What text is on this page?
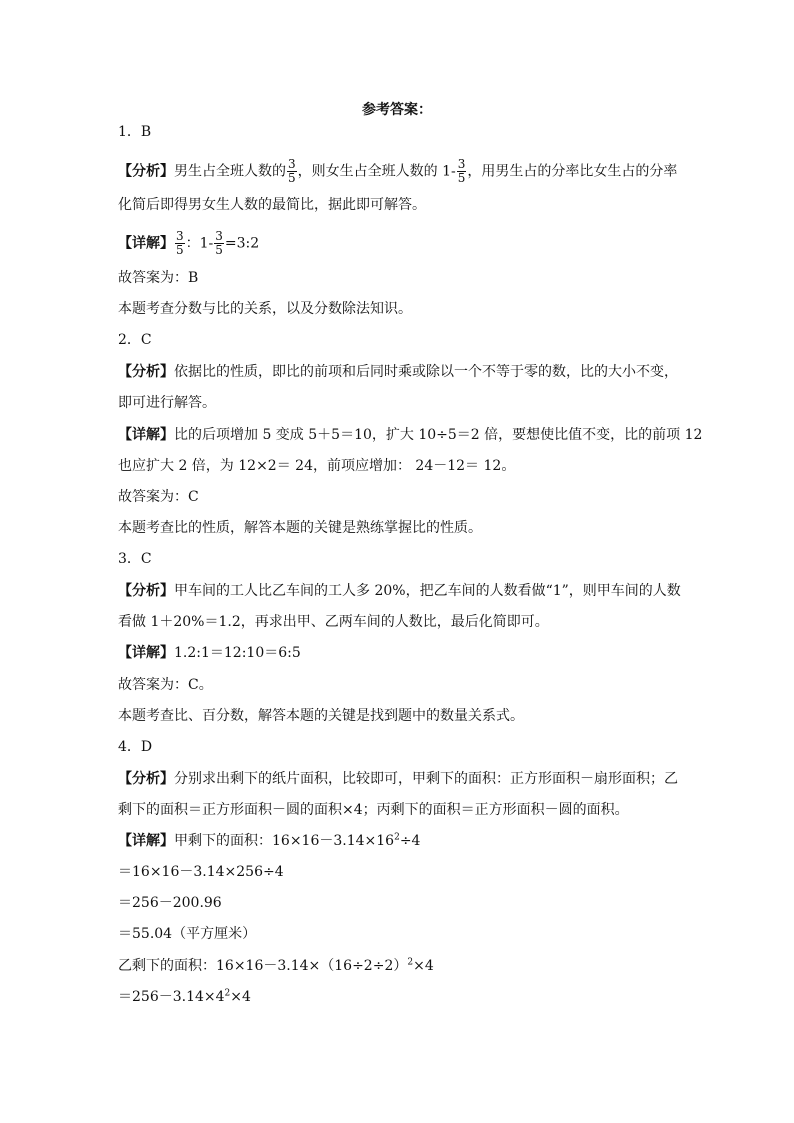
参考答案：
1．B
【分析】男生占全班人数的 $\frac{3}{5}$ ，则女生占全班人数的 $1- \frac{3}{5}$ ，用男生占的分率比女生占的分率
化简后即得男女生人数的最简比，据此即可解答。
【详解】 $\frac{3}{5}$ ：$1- \frac{3}{5}$ =3:2
故答案为：B
本题考查分数与比的关系，以及分数除法知识。
2．C
【分析】依据比的性质，即比的前项和后同时乘或除以一个不等于零的数，比的大小不变，
即可进行解答。
【详解】比的后项增加 5 变成 5＋5＝10，扩大 10÷5＝2 倍，要想使比值不变，比的前项 12
也应扩大 2 倍，为 12×2＝ 24，前项应增加： 24－12＝ 12。
故答案为：C
本题考查比的性质，解答本题的关键是熟练掌握比的性质。
3．C
【分析】甲车间的工人比乙车间的工人多 20%，把乙车间的人数看做“1”，则甲车间的人数
看做 1＋20%＝1.2，再求出甲、乙两车间的人数比，最后化简即可。
【详解】1.2:1＝12:10＝6:5
故答案为：C。
本题考查比、百分数，解答本题的关键是找到题中的数量关系式。
4．D
【分析】分别求出剩下的纸片面积，比较即可，甲剩下的面积：正方形面积－扇形面积；乙
剩下的面积＝正方形面积－圆的面积×4；丙剩下的面积＝正方形面积－圆的面积。
【详解】甲剩下的面积：$16\times 16-3.14\times 16^2\div 4$
＝16×16－3.14×256÷4
＝256－200.96
＝55.04（平方厘米）
乙剩下的面积：$16\times 16-3.14\times(16\div 2\div 2)^2\times 4$
$=256-3.14\times 4^2\times 4$
